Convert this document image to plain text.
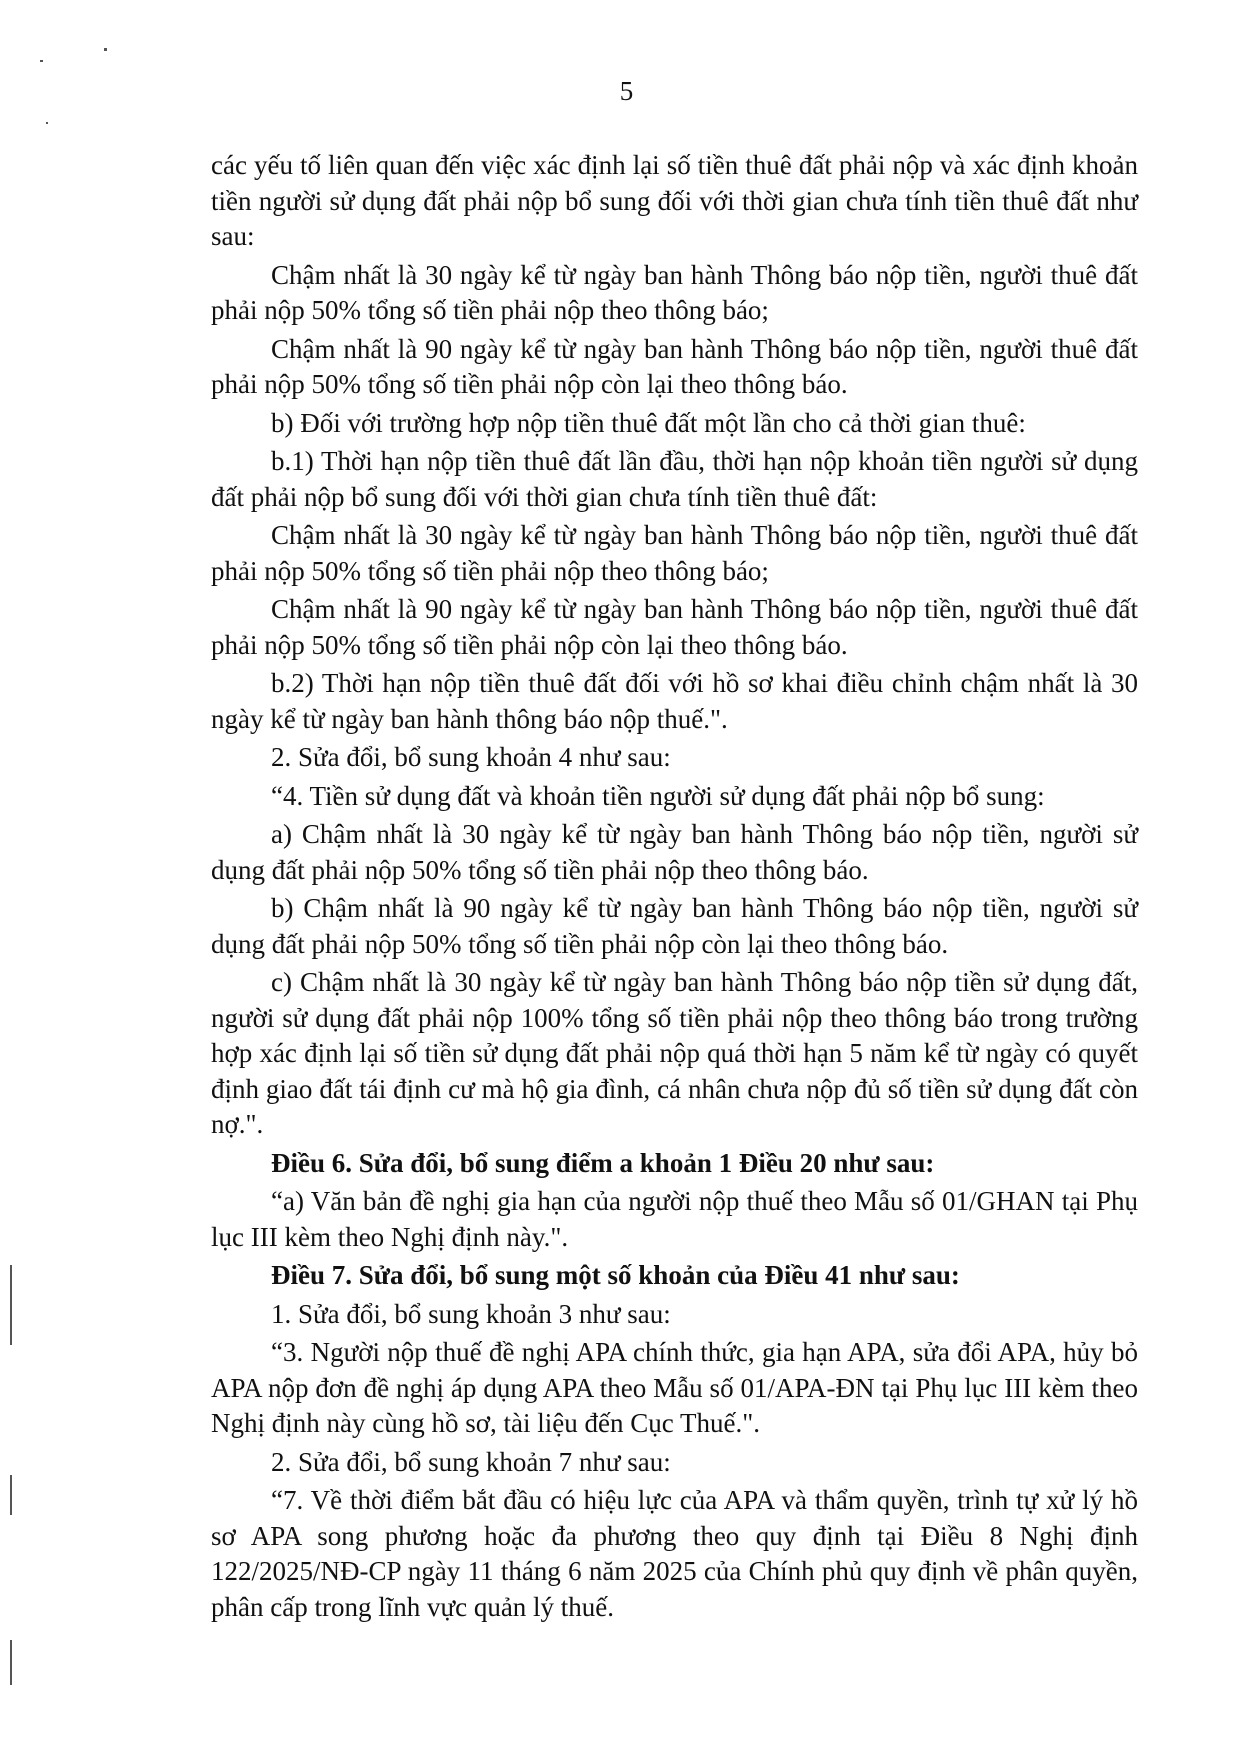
5

các yếu tố liên quan đến việc xác định lại số tiền thuê đất phải nộp và xác định khoản tiền người sử dụng đất phải nộp bổ sung đối với thời gian chưa tính tiền thuê đất như sau:

Chậm nhất là 30 ngày kể từ ngày ban hành Thông báo nộp tiền, người thuê đất phải nộp 50% tổng số tiền phải nộp theo thông báo;

Chậm nhất là 90 ngày kể từ ngày ban hành Thông báo nộp tiền, người thuê đất phải nộp 50% tổng số tiền phải nộp còn lại theo thông báo.

b) Đối với trường hợp nộp tiền thuê đất một lần cho cả thời gian thuê:

b.1) Thời hạn nộp tiền thuê đất lần đầu, thời hạn nộp khoản tiền người sử dụng đất phải nộp bổ sung đối với thời gian chưa tính tiền thuê đất:

Chậm nhất là 30 ngày kể từ ngày ban hành Thông báo nộp tiền, người thuê đất phải nộp 50% tổng số tiền phải nộp theo thông báo;

Chậm nhất là 90 ngày kể từ ngày ban hành Thông báo nộp tiền, người thuê đất phải nộp 50% tổng số tiền phải nộp còn lại theo thông báo.

b.2) Thời hạn nộp tiền thuê đất đối với hồ sơ khai điều chỉnh chậm nhất là 30 ngày kể từ ngày ban hành thông báo nộp thuế.".

2. Sửa đổi, bổ sung khoản 4 như sau:

“4. Tiền sử dụng đất và khoản tiền người sử dụng đất phải nộp bổ sung:

a) Chậm nhất là 30 ngày kể từ ngày ban hành Thông báo nộp tiền, người sử dụng đất phải nộp 50% tổng số tiền phải nộp theo thông báo.

b) Chậm nhất là 90 ngày kể từ ngày ban hành Thông báo nộp tiền, người sử dụng đất phải nộp 50% tổng số tiền phải nộp còn lại theo thông báo.

c) Chậm nhất là 30 ngày kể từ ngày ban hành Thông báo nộp tiền sử dụng đất, người sử dụng đất phải nộp 100% tổng số tiền phải nộp theo thông báo trong trường hợp xác định lại số tiền sử dụng đất phải nộp quá thời hạn 5 năm kể từ ngày có quyết định giao đất tái định cư mà hộ gia đình, cá nhân chưa nộp đủ số tiền sử dụng đất còn nợ.".

Điều 6. Sửa đổi, bổ sung điểm a khoản 1 Điều 20 như sau:

“a) Văn bản đề nghị gia hạn của người nộp thuế theo Mẫu số 01/GHAN tại Phụ lục III kèm theo Nghị định này.".

Điều 7. Sửa đổi, bổ sung một số khoản của Điều 41 như sau:

1. Sửa đổi, bổ sung khoản 3 như sau:

“3. Người nộp thuế đề nghị APA chính thức, gia hạn APA, sửa đổi APA, hủy bỏ APA nộp đơn đề nghị áp dụng APA theo Mẫu số 01/APA-ĐN tại Phụ lục III kèm theo Nghị định này cùng hồ sơ, tài liệu đến Cục Thuế.".

2. Sửa đổi, bổ sung khoản 7 như sau:

“7. Về thời điểm bắt đầu có hiệu lực của APA và thẩm quyền, trình tự xử lý hồ sơ APA song phương hoặc đa phương theo quy định tại Điều 8 Nghị định 122/2025/NĐ-CP ngày 11 tháng 6 năm 2025 của Chính phủ quy định về phân quyền, phân cấp trong lĩnh vực quản lý thuế.
